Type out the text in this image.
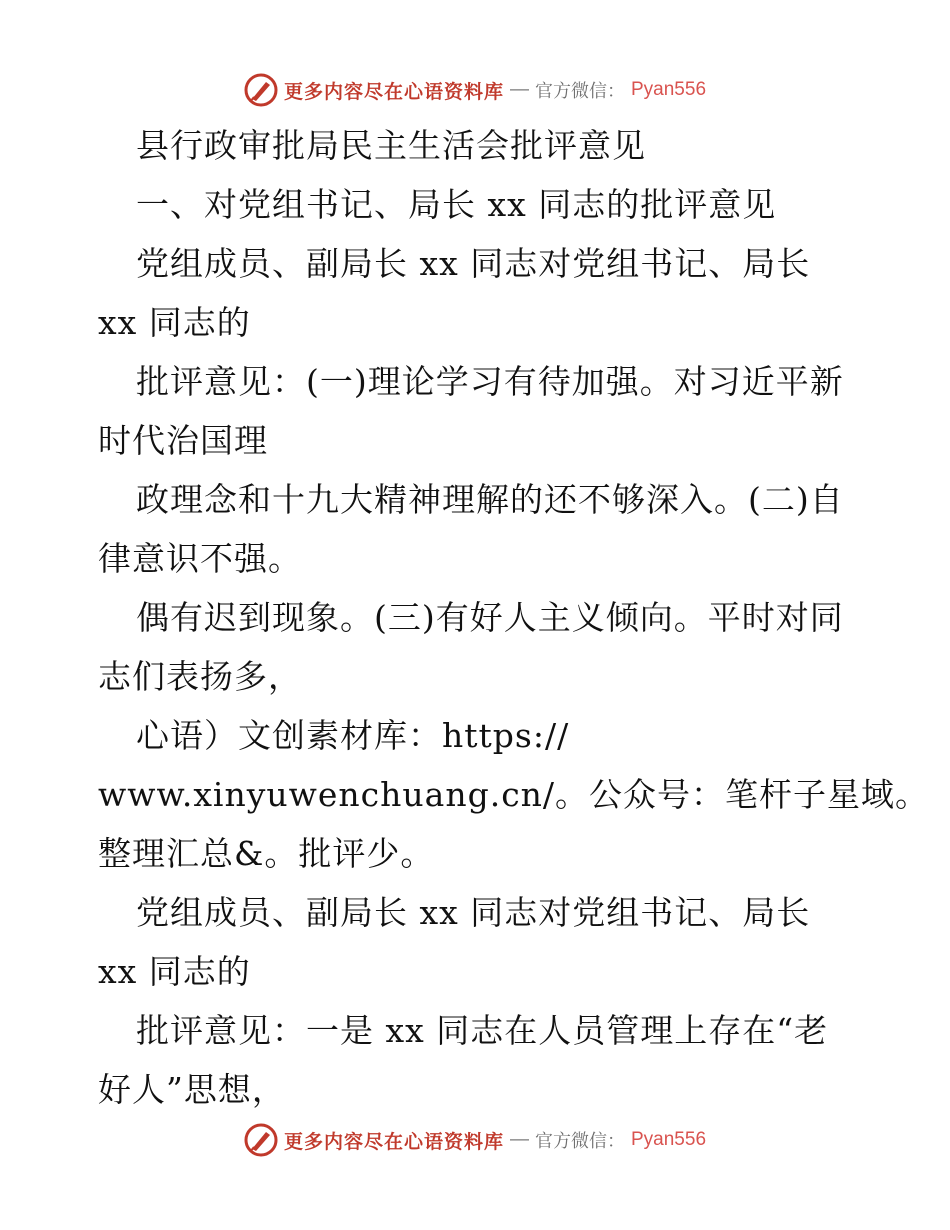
更多内容尽在心语资料库 — 官方微信： Pyan556

县行政审批局民主生活会批评意见

一、对党组书记、局长 xx 同志的批评意见

党组成员、副局长 xx 同志对党组书记、局长

xx 同志的

批评意见：(一)理论学习有待加强。对习近平新

时代治国理

政理念和十九大精神理解的还不够深入。(二)自

律意识不强。

偶有迟到现象。(三)有好人主义倾向。平时对同

志们表扬多，

心语）文创素材库：https://

www.xinyuwenchuang.cn/。公众号：笔杆子星域。

整理汇总&。批评少。

党组成员、副局长 xx 同志对党组书记、局长

xx 同志的

批评意见：一是 xx 同志在人员管理上存在“老

好人”思想，

更多内容尽在心语资料库 — 官方微信： Pyan556
